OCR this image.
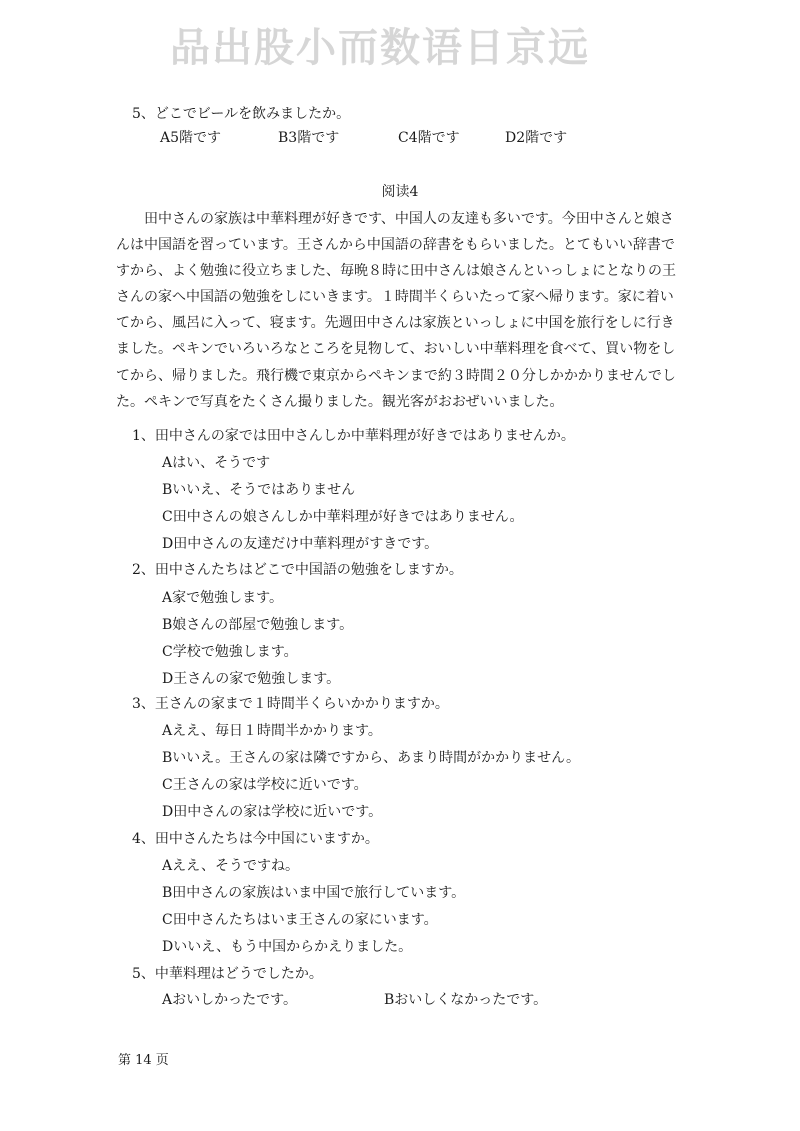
品出股小而数语日京远
5、どこでビールを飲みましたか。
A5階です	B3階です	C4階です	D2階です
阅读4
　　田中さんの家族は中華料理が好きです、中国人の友達も多いです。今田中さんと娘さ
んは中国語を習っています。王さんから中国語の辞書をもらいました。とてもいい辞書で
すから、よく勉強に役立ちました、毎晩８時に田中さんは娘さんといっしょにとなりの王
さんの家へ中国語の勉強をしにいきます。１時間半くらいたって家へ帰ります。家に着い
てから、風呂に入って、寝ます。先週田中さんは家族といっしょに中国を旅行をしに行き
ました。ペキンでいろいろなところを見物して、おいしい中華料理を食べて、買い物をし
てから、帰りました。飛行機で東京からペキンまで約３時間２０分しかかかりませんでし
た。ペキンで写真をたくさん撮りました。観光客がおおぜいいました。
1、田中さんの家では田中さんしか中華料理が好きではありませんか。
Aはい、そうです
Bいいえ、そうではありません
C田中さんの娘さんしか中華料理が好きではありません。
D田中さんの友達だけ中華料理がすきです。
2、田中さんたちはどこで中国語の勉強をしますか。
A家で勉強します。
B娘さんの部屋で勉強します。
C学校で勉強します。
D王さんの家で勉強します。
3、王さんの家まで１時間半くらいかかりますか。
Aええ、毎日１時間半かかります。
Bいいえ。王さんの家は隣ですから、あまり時間がかかりません。
C王さんの家は学校に近いです。
D田中さんの家は学校に近いです。
4、田中さんたちは今中国にいますか。
Aええ、そうですね。
B田中さんの家族はいま中国で旅行しています。
C田中さんたちはいま王さんの家にいます。
Dいいえ、もう中国からかえりました。
5、中華料理はどうでしたか。
Aおいしかったです。	Bおいしくなかったです。
第 14 页
